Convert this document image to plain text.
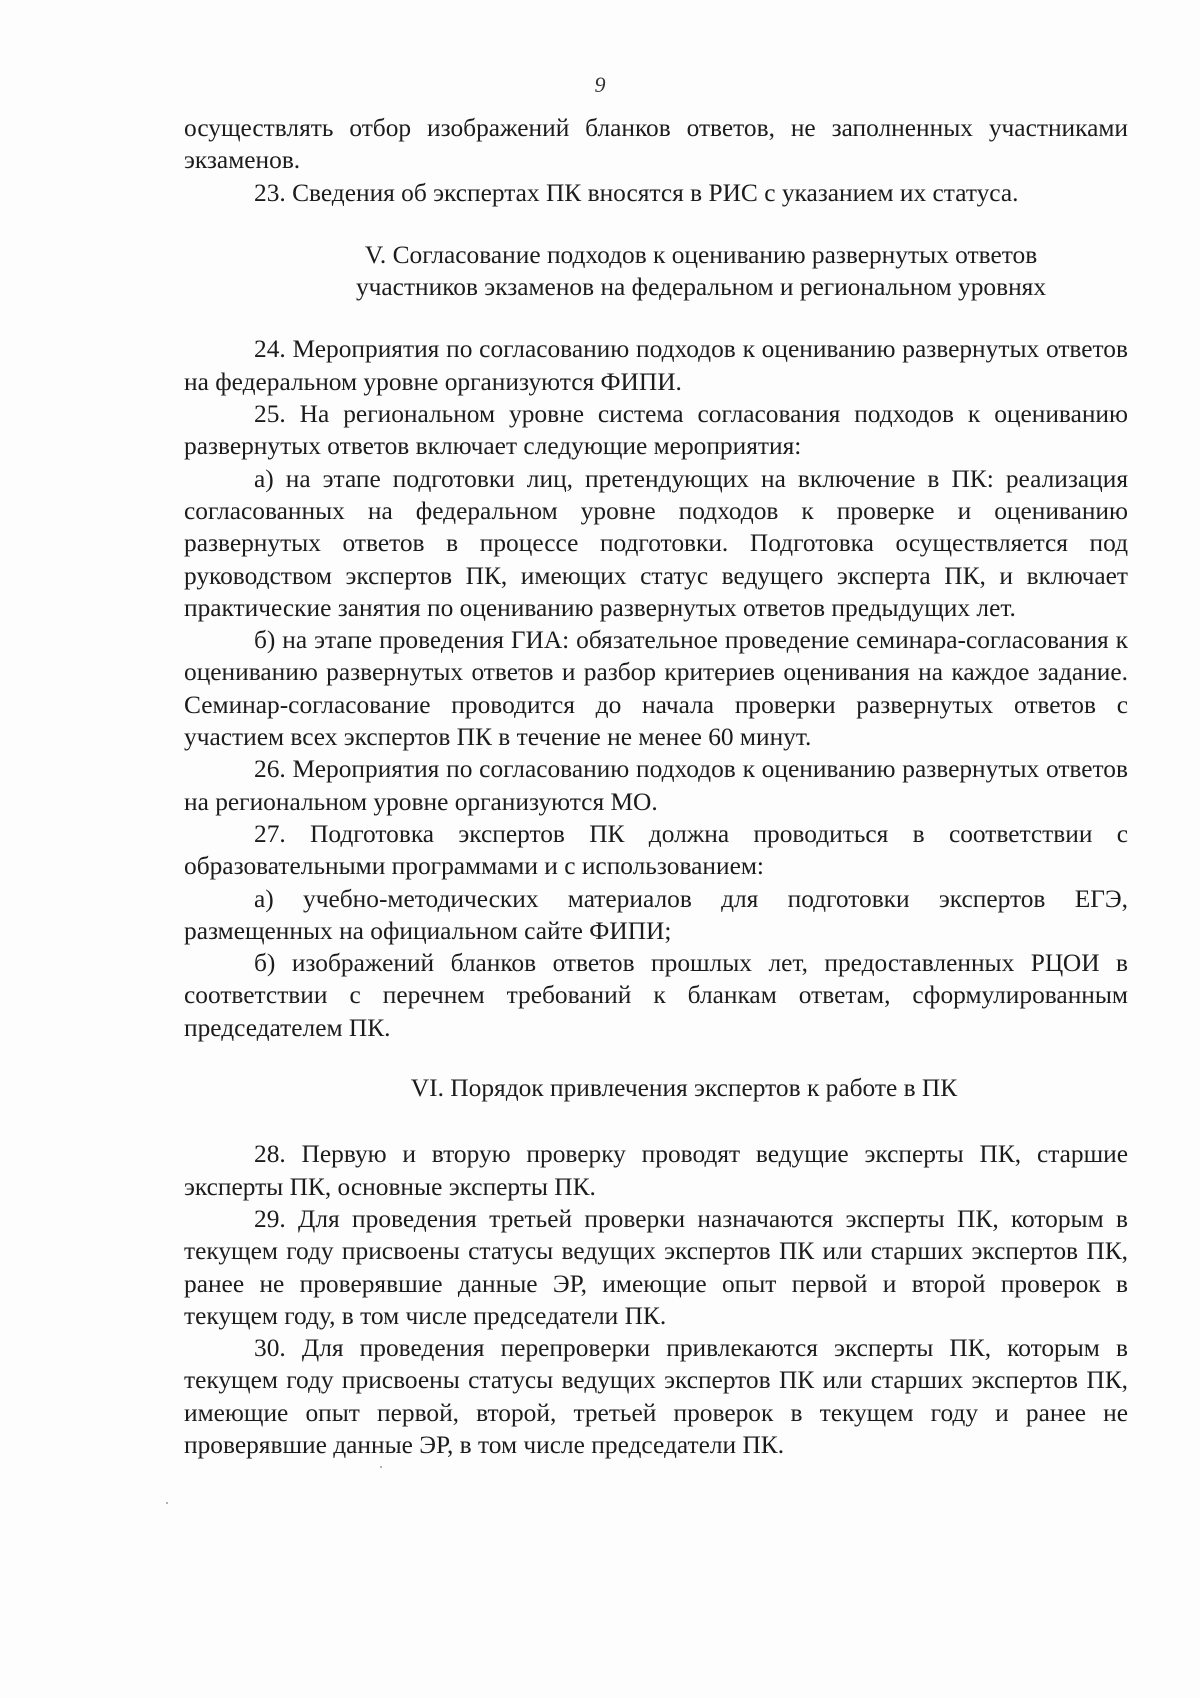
9

осуществлять отбор изображений бланков ответов, не заполненных участниками экзаменов.

23. Сведения об экспертах ПК вносятся в РИС с указанием их статуса.

V. Согласование подходов к оцениванию развернутых ответов
участников экзаменов на федеральном и региональном уровнях

24. Мероприятия по согласованию подходов к оцениванию развернутых ответов на федеральном уровне организуются ФИПИ.

25. На региональном уровне система согласования подходов к оцениванию развернутых ответов включает следующие мероприятия:

а) на этапе подготовки лиц, претендующих на включение в ПК: реализация согласованных на федеральном уровне подходов к проверке и оцениванию развернутых ответов в процессе подготовки. Подготовка осуществляется под руководством экспертов ПК, имеющих статус ведущего эксперта ПК, и включает практические занятия по оцениванию развернутых ответов предыдущих лет.

б) на этапе проведения ГИА: обязательное проведение семинара-согласования к оцениванию развернутых ответов и разбор критериев оценивания на каждое задание. Семинар-согласование проводится до начала проверки развернутых ответов с участием всех экспертов ПК в течение не менее 60 минут.

26. Мероприятия по согласованию подходов к оцениванию развернутых ответов на региональном уровне организуются МО.

27. Подготовка экспертов ПК должна проводиться в соответствии с образовательными программами и с использованием:

а) учебно-методических материалов для подготовки экспертов ЕГЭ, размещенных на официальном сайте ФИПИ;

б) изображений бланков ответов прошлых лет, предоставленных РЦОИ в соответствии с перечнем требований к бланкам ответам, сформулированным председателем ПК.

VI. Порядок привлечения экспертов к работе в ПК

28. Первую и вторую проверку проводят ведущие эксперты ПК, старшие эксперты ПК, основные эксперты ПК.

29. Для проведения третьей проверки назначаются эксперты ПК, которым в текущем году присвоены статусы ведущих экспертов ПК или старших экспертов ПК, ранее не проверявшие данные ЭР, имеющие опыт первой и второй проверок в текущем году, в том числе председатели ПК.

30. Для проведения перепроверки привлекаются эксперты ПК, которым в текущем году присвоены статусы ведущих экспертов ПК или старших экспертов ПК, имеющие опыт первой, второй, третьей проверок в текущем году и ранее не проверявшие данные ЭР, в том числе председатели ПК.
